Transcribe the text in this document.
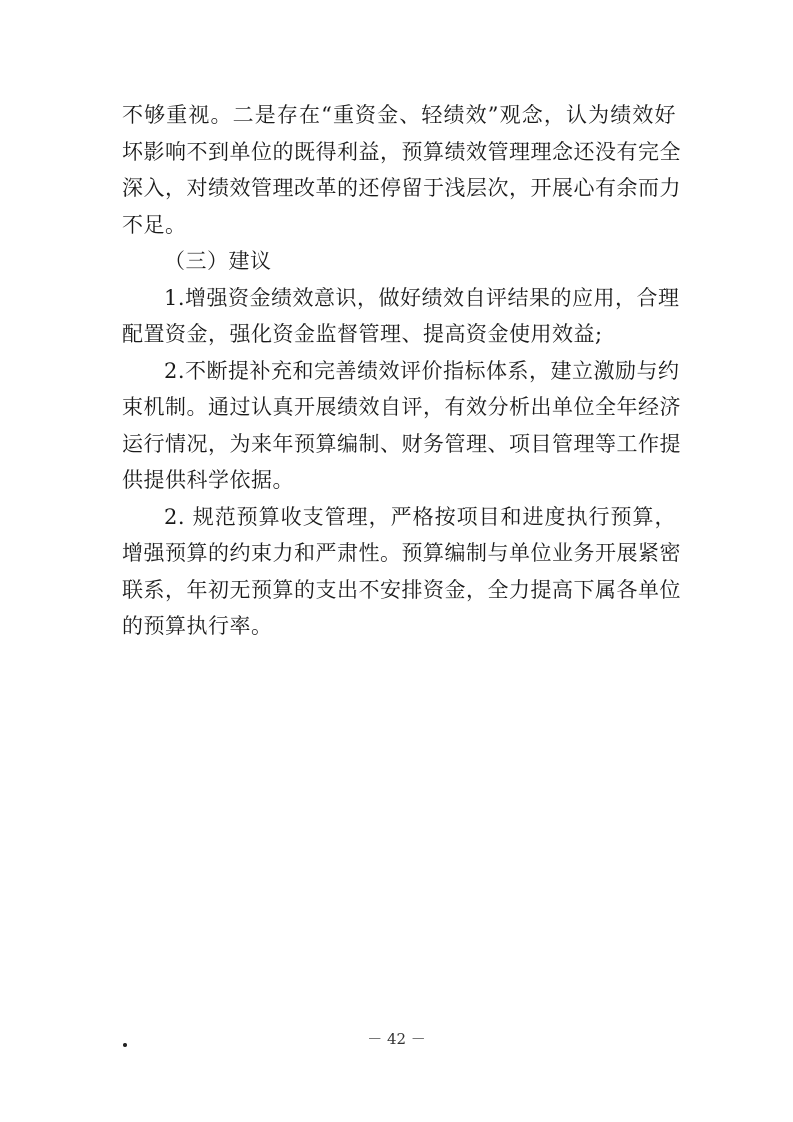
不够重视。二是存在“重资金、轻绩效”观念，认为绩效好
坏影响不到单位的既得利益，预算绩效管理理念还没有完全
深入，对绩效管理改革的还停留于浅层次，开展心有余而力
不足。
（三）建议
1.增强资金绩效意识，做好绩效自评结果的应用，合理
配置资金，强化资金监督管理、提高资金使用效益;
2.不断提补充和完善绩效评价指标体系，建立激励与约
束机制。通过认真开展绩效自评，有效分析出单位全年经济
运行情况，为来年预算编制、财务管理、项目管理等工作提
供提供科学依据。
2. 规范预算收支管理，严格按项目和进度执行预算，
增强预算的约束力和严肃性。预算编制与单位业务开展紧密
联系，年初无预算的支出不安排资金，全力提高下属各单位
的预算执行率。
－ 42 －
